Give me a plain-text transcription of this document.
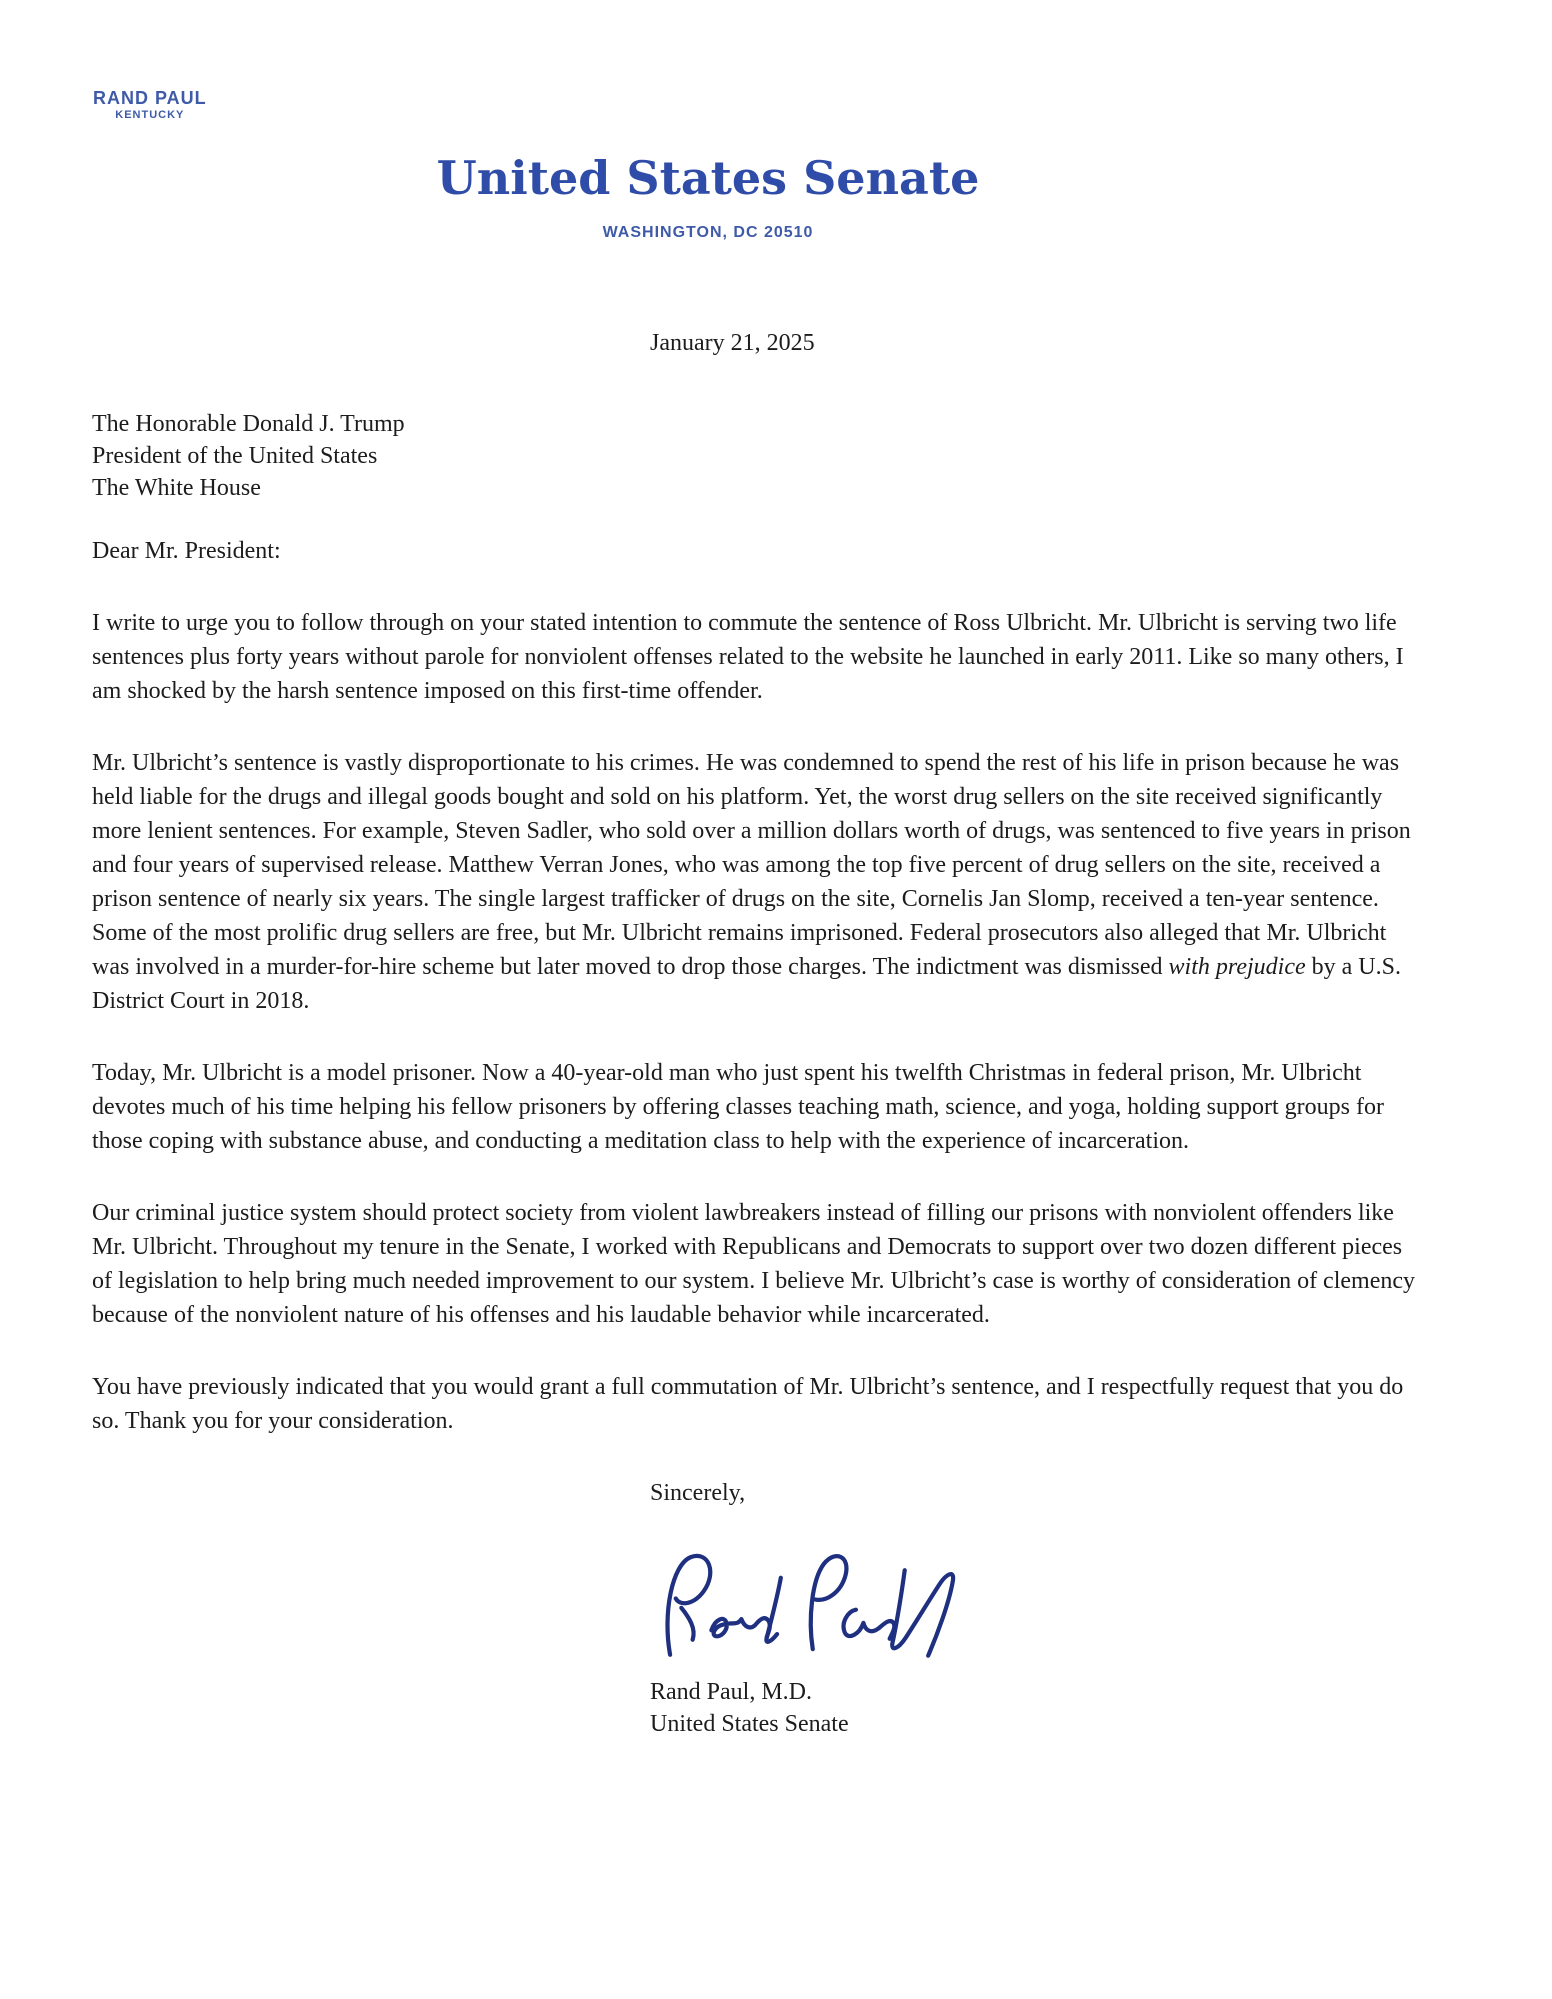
RAND PAUL
KENTUCKY
United States Senate
WASHINGTON, DC 20510
January 21, 2025
The Honorable Donald J. Trump
President of the United States
The White House
Dear Mr. President:

I write to urge you to follow through on your stated intention to commute the sentence of Ross Ulbricht. Mr. Ulbricht is serving two life sentences plus forty years without parole for nonviolent offenses related to the website he launched in early 2011. Like so many others, I am shocked by the harsh sentence imposed on this first-time offender.

Mr. Ulbricht’s sentence is vastly disproportionate to his crimes. He was condemned to spend the rest of his life in prison because he was held liable for the drugs and illegal goods bought and sold on his platform. Yet, the worst drug sellers on the site received significantly more lenient sentences. For example, Steven Sadler, who sold over a million dollars worth of drugs, was sentenced to five years in prison and four years of supervised release. Matthew Verran Jones, who was among the top five percent of drug sellers on the site, received a prison sentence of nearly six years. The single largest trafficker of drugs on the site, Cornelis Jan Slomp, received a ten-year sentence. Some of the most prolific drug sellers are free, but Mr. Ulbricht remains imprisoned. Federal prosecutors also alleged that Mr. Ulbricht was involved in a murder-for-hire scheme but later moved to drop those charges. The indictment was dismissed with prejudice by a U.S. District Court in 2018.

Today, Mr. Ulbricht is a model prisoner. Now a 40-year-old man who just spent his twelfth Christmas in federal prison, Mr. Ulbricht devotes much of his time helping his fellow prisoners by offering classes teaching math, science, and yoga, holding support groups for those coping with substance abuse, and conducting a meditation class to help with the experience of incarceration.

Our criminal justice system should protect society from violent lawbreakers instead of filling our prisons with nonviolent offenders like Mr. Ulbricht. Throughout my tenure in the Senate, I worked with Republicans and Democrats to support over two dozen different pieces of legislation to help bring much needed improvement to our system. I believe Mr. Ulbricht’s case is worthy of consideration of clemency because of the nonviolent nature of his offenses and his laudable behavior while incarcerated.

You have previously indicated that you would grant a full commutation of Mr. Ulbricht’s sentence, and I respectfully request that you do so. Thank you for your consideration.

Sincerely,
Rand Paul, M.D.
United States Senate
